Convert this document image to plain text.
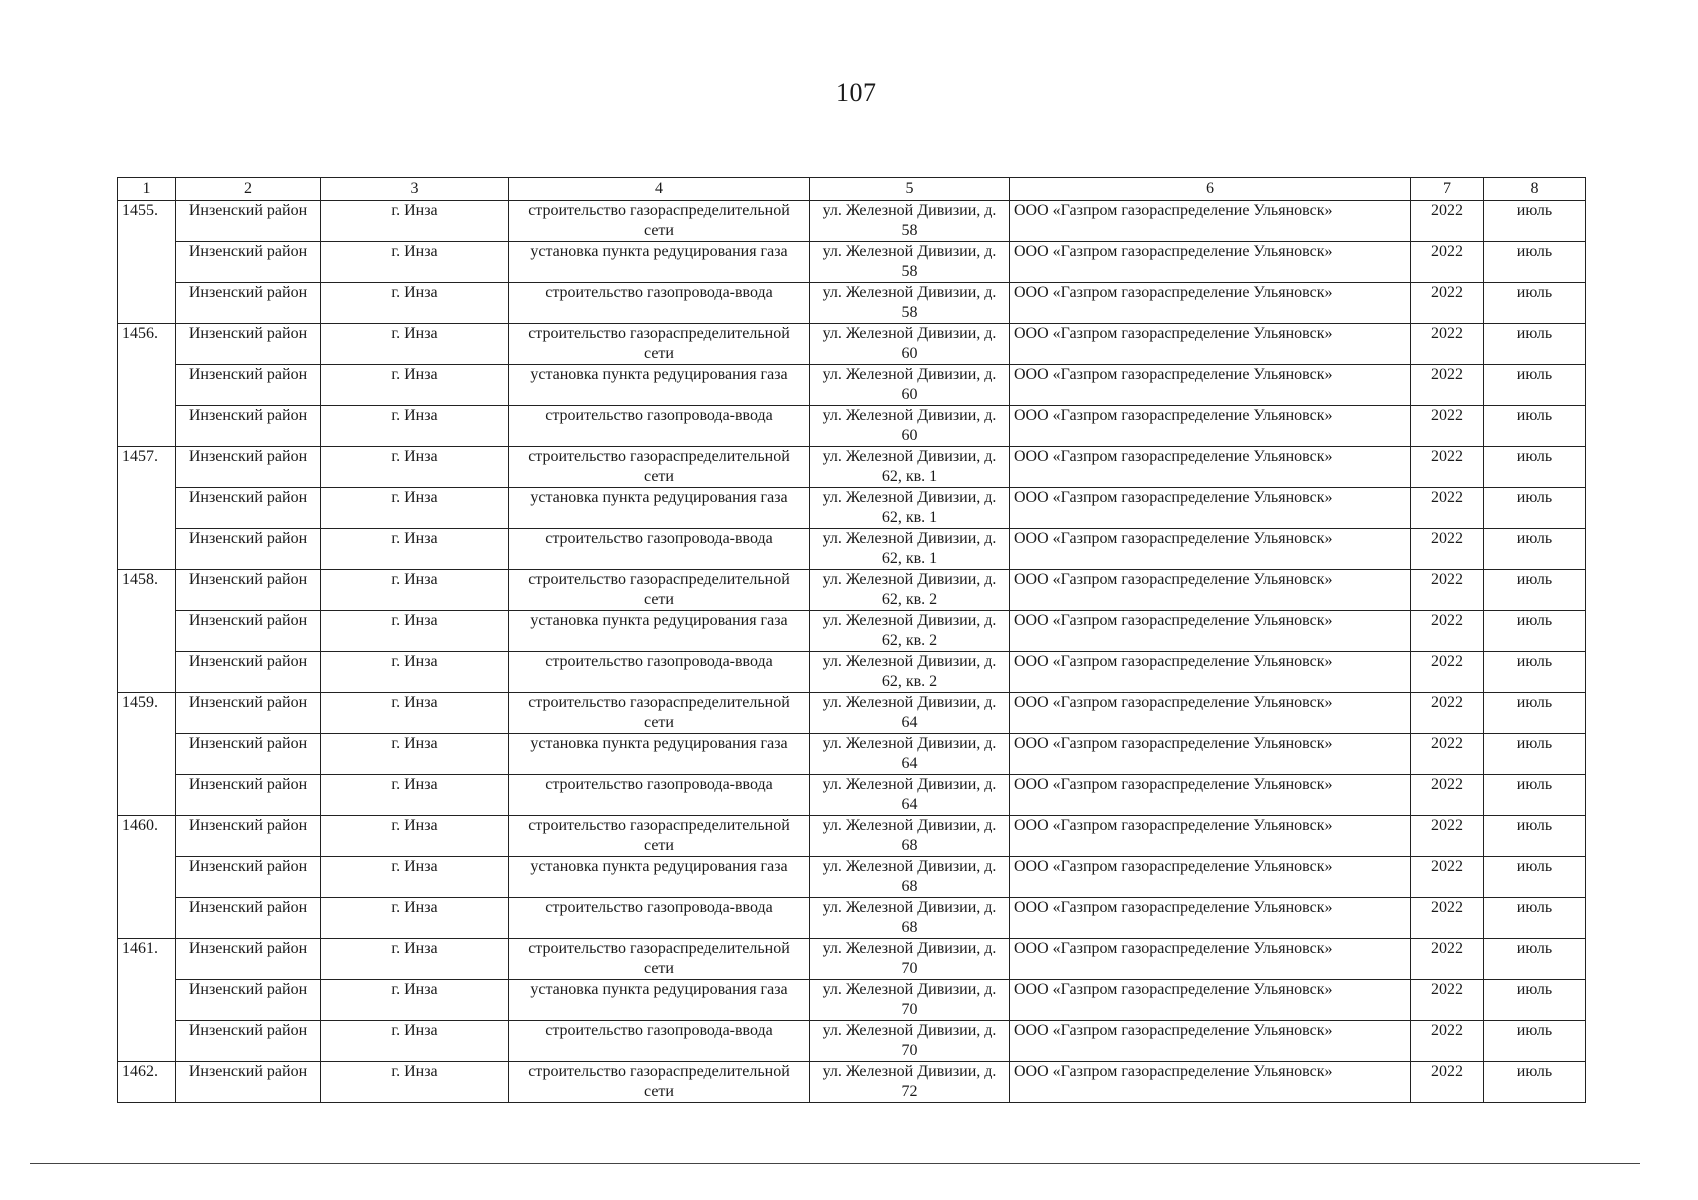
107
1	2	3	4	5	6	7	8
1455.	Инзенский район	г. Инза	строительство газораспределительной сети	ул. Железной Дивизии, д. 58	ООО «Газпром газораспределение Ульяновск»	2022	июль
	Инзенский район	г. Инза	установка пункта редуцирования газа	ул. Железной Дивизии, д. 58	ООО «Газпром газораспределение Ульяновск»	2022	июль
	Инзенский район	г. Инза	строительство газопровода-ввода	ул. Железной Дивизии, д. 58	ООО «Газпром газораспределение Ульяновск»	2022	июль
1456.	Инзенский район	г. Инза	строительство газораспределительной сети	ул. Железной Дивизии, д. 60	ООО «Газпром газораспределение Ульяновск»	2022	июль
	Инзенский район	г. Инза	установка пункта редуцирования газа	ул. Железной Дивизии, д. 60	ООО «Газпром газораспределение Ульяновск»	2022	июль
	Инзенский район	г. Инза	строительство газопровода-ввода	ул. Железной Дивизии, д. 60	ООО «Газпром газораспределение Ульяновск»	2022	июль
1457.	Инзенский район	г. Инза	строительство газораспределительной сети	ул. Железной Дивизии, д. 62, кв. 1	ООО «Газпром газораспределение Ульяновск»	2022	июль
	Инзенский район	г. Инза	установка пункта редуцирования газа	ул. Железной Дивизии, д. 62, кв. 1	ООО «Газпром газораспределение Ульяновск»	2022	июль
	Инзенский район	г. Инза	строительство газопровода-ввода	ул. Железной Дивизии, д. 62, кв. 1	ООО «Газпром газораспределение Ульяновск»	2022	июль
1458.	Инзенский район	г. Инза	строительство газораспределительной сети	ул. Железной Дивизии, д. 62, кв. 2	ООО «Газпром газораспределение Ульяновск»	2022	июль
	Инзенский район	г. Инза	установка пункта редуцирования газа	ул. Железной Дивизии, д. 62, кв. 2	ООО «Газпром газораспределение Ульяновск»	2022	июль
	Инзенский район	г. Инза	строительство газопровода-ввода	ул. Железной Дивизии, д. 62, кв. 2	ООО «Газпром газораспределение Ульяновск»	2022	июль
1459.	Инзенский район	г. Инза	строительство газораспределительной сети	ул. Железной Дивизии, д. 64	ООО «Газпром газораспределение Ульяновск»	2022	июль
	Инзенский район	г. Инза	установка пункта редуцирования газа	ул. Железной Дивизии, д. 64	ООО «Газпром газораспределение Ульяновск»	2022	июль
	Инзенский район	г. Инза	строительство газопровода-ввода	ул. Железной Дивизии, д. 64	ООО «Газпром газораспределение Ульяновск»	2022	июль
1460.	Инзенский район	г. Инза	строительство газораспределительной сети	ул. Железной Дивизии, д. 68	ООО «Газпром газораспределение Ульяновск»	2022	июль
	Инзенский район	г. Инза	установка пункта редуцирования газа	ул. Железной Дивизии, д. 68	ООО «Газпром газораспределение Ульяновск»	2022	июль
	Инзенский район	г. Инза	строительство газопровода-ввода	ул. Железной Дивизии, д. 68	ООО «Газпром газораспределение Ульяновск»	2022	июль
1461.	Инзенский район	г. Инза	строительство газораспределительной сети	ул. Железной Дивизии, д. 70	ООО «Газпром газораспределение Ульяновск»	2022	июль
	Инзенский район	г. Инза	установка пункта редуцирования газа	ул. Железной Дивизии, д. 70	ООО «Газпром газораспределение Ульяновск»	2022	июль
	Инзенский район	г. Инза	строительство газопровода-ввода	ул. Железной Дивизии, д. 70	ООО «Газпром газораспределение Ульяновск»	2022	июль
1462.	Инзенский район	г. Инза	строительство газораспределительной сети	ул. Железной Дивизии, д. 72	ООО «Газпром газораспределение Ульяновск»	2022	июль
